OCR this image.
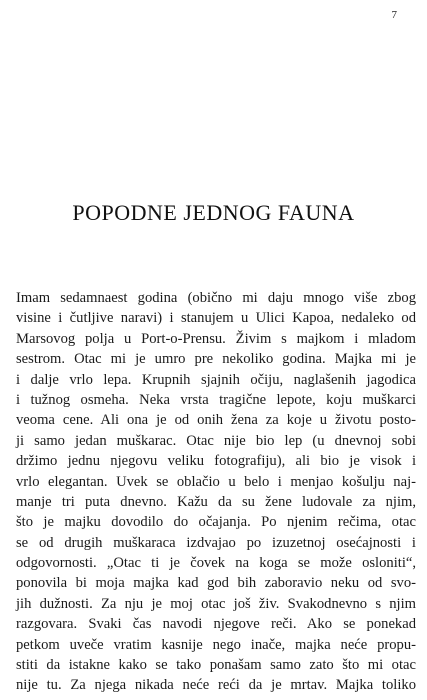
7
POPODNE JEDNOG FAUNA
Imam sedamnaest godina (obično mi daju mnogo više zbog
visine i čutljive naravi) i stanujem u Ulici Kapoa, nedaleko od
Marsovog polja u Port-o-Prensu. Živim s majkom i mladom
sestrom. Otac mi je umro pre nekoliko godina. Majka mi je
i dalje vrlo lepa. Krupnih sjajnih očiju, naglašenih jagodica
i tužnog osmeha. Neka vrsta tragične lepote, koju muškarci
veoma cene. Ali ona je od onih žena za koje u životu posto-
ji samo jedan muškarac. Otac nije bio lep (u dnevnoj sobi
držimo jednu njegovu veliku fotografiju), ali bio je visok i
vrlo elegantan. Uvek se oblačio u belo i menjao košulju naj-
manje tri puta dnevno. Kažu da su žene ludovale za njim,
što je majku dovodilo do očajanja. Po njenim rečima, otac
se od drugih muškaraca izdvajao po izuzetnoj osećajnosti i
odgovornosti. „Otac ti je čovek na koga se može osloniti“,
ponovila bi moja majka kad god bih zaboravio neku od svo-
jih dužnosti. Za nju je moj otac još živ. Svakodnevno s njim
razgovara. Svaki čas navodi njegove reči. Ako se ponekad
petkom uveče vratim kasnije nego inače, majka neće propu-
stiti da istakne kako se tako ponašam samo zato što mi otac
nije tu. Za njega nikada neće reći da je mrtav. Majka toliko
